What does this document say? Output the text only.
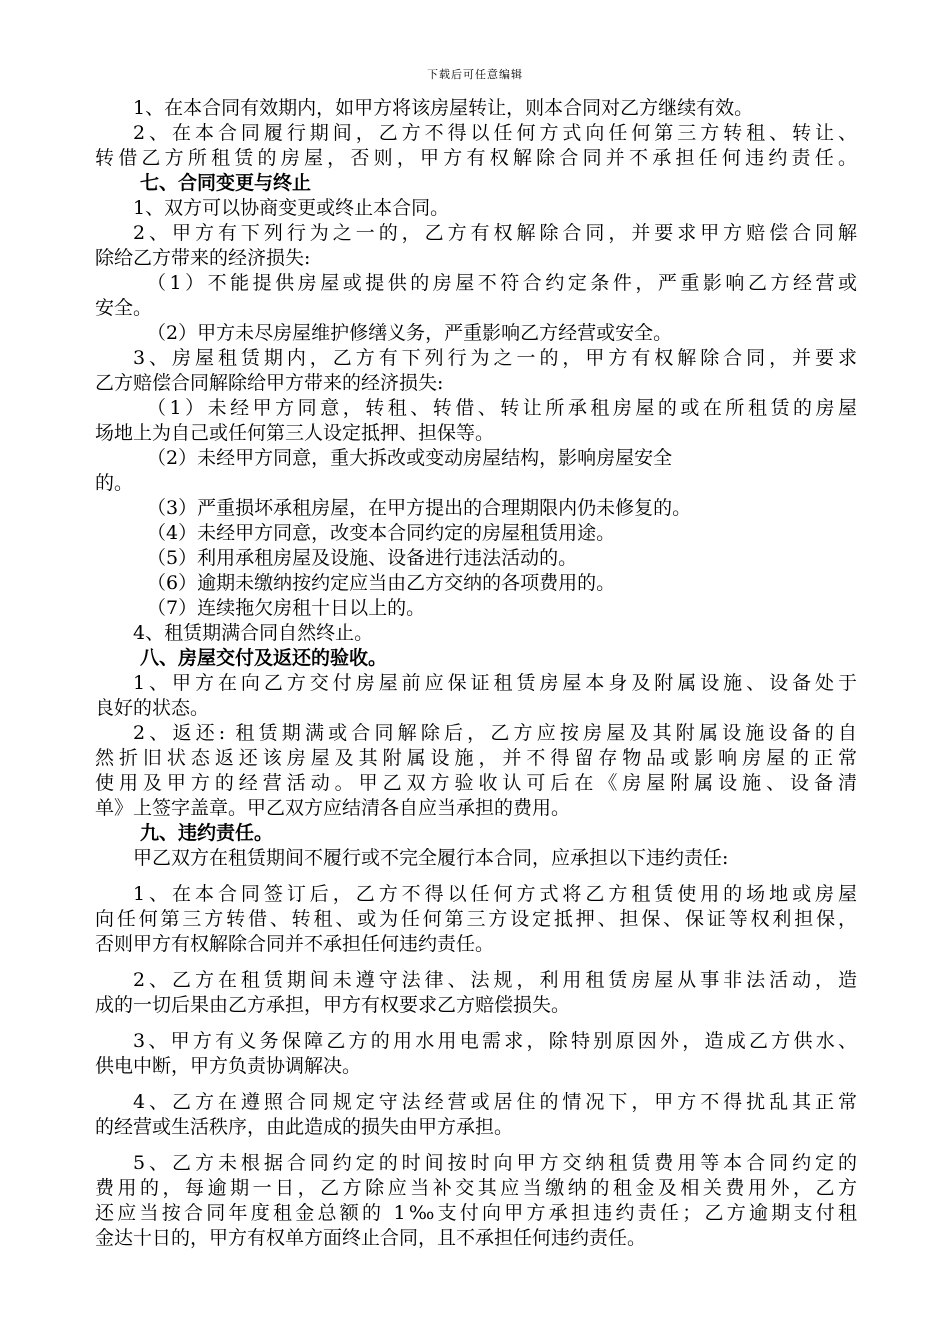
下载后可任意编辑
1、在本合同有效期内，如甲方将该房屋转让，则本合同对乙方继续有效。
2、在本合同履行期间，乙方不得以任何方式向任何第三方转租、转让、
转借乙方所租赁的房屋，否则，甲方有权解除合同并不承担任何违约责任。
七、合同变更与终止
1、双方可以协商变更或终止本合同。
2、甲方有下列行为之一的，乙方有权解除合同，并要求甲方赔偿合同解
除给乙方带来的经济损失:
（1）不能提供房屋或提供的房屋不符合约定条件，严重影响乙方经营或
安全。
（2）甲方未尽房屋维护修缮义务，严重影响乙方经营或安全。
3、房屋租赁期内，乙方有下列行为之一的，甲方有权解除合同，并要求
乙方赔偿合同解除给甲方带来的经济损失:
（1）未经甲方同意，转租、转借、转让所承租房屋的或在所租赁的房屋
场地上为自己或任何第三人设定抵押、担保等。
（2）未经甲方同意，重大拆改或变动房屋结构，影响房屋安全
的。
（3）严重损坏承租房屋，在甲方提出的合理期限内仍未修复的。
（4）未经甲方同意，改变本合同约定的房屋租赁用途。
（5）利用承租房屋及设施、设备进行违法活动的。
（6）逾期未缴纳按约定应当由乙方交纳的各项费用的。
（7）连续拖欠房租十日以上的。
4、租赁期满合同自然终止。
八、房屋交付及返还的验收。
1、甲方在向乙方交付房屋前应保证租赁房屋本身及附属设施、设备处于
良好的状态。
2、返还: 租赁期满或合同解除后，乙方应按房屋及其附属设施设备的自
然折旧状态返还该房屋及其附属设施，并不得留存物品或影响房屋的正常
使用及甲方的经营活动。甲乙双方验收认可后在《房屋附属设施、设备清
单》上签字盖章。甲乙双方应结清各自应当承担的费用。
九、违约责任。
甲乙双方在租赁期间不履行或不完全履行本合同，应承担以下违约责任:
1、在本合同签订后，乙方不得以任何方式将乙方租赁使用的场地或房屋
向任何第三方转借、转租、或为任何第三方设定抵押、担保、保证等权利担保，
否则甲方有权解除合同并不承担任何违约责任。
2、乙方在租赁期间未遵守法律、法规，利用租赁房屋从事非法活动，造
成的一切后果由乙方承担，甲方有权要求乙方赔偿损失。
3、甲方有义务保障乙方的用水用电需求，除特别原因外，造成乙方供水、
供电中断，甲方负责协调解决。
4、乙方在遵照合同规定守法经营或居住的情况下，甲方不得扰乱其正常
的经营或生活秩序，由此造成的损失由甲方承担。
5、乙方未根据合同约定的时间按时向甲方交纳租赁费用等本合同约定的
费用的，每逾期一日，乙方除应当补交其应当缴纳的租金及相关费用外，乙方
还应当按合同年度租金总额的 1‰支付向甲方承担违约责任；乙方逾期支付租
金达十日的，甲方有权单方面终止合同，且不承担任何违约责任。
